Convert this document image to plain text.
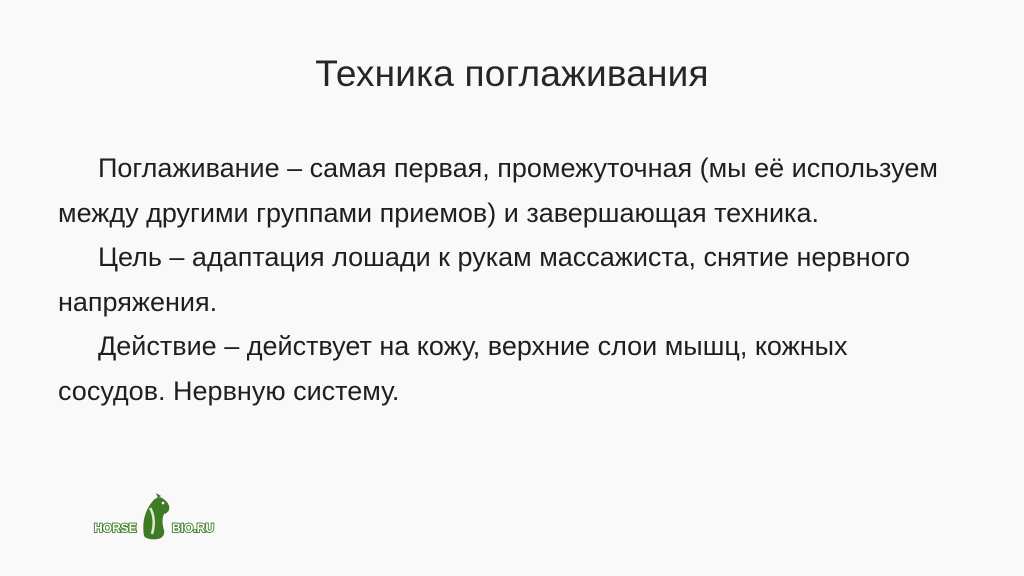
Техника поглаживания

Поглаживание – самая первая, промежуточная (мы её используем между другими группами приемов) и завершающая техника.

Цель – адаптация лошади к рукам массажиста, снятие нервного напряжения.

Действие – действует на кожу, верхние слои мышц, кожных сосудов. Нервную систему.

HORSE	BIO.RU
